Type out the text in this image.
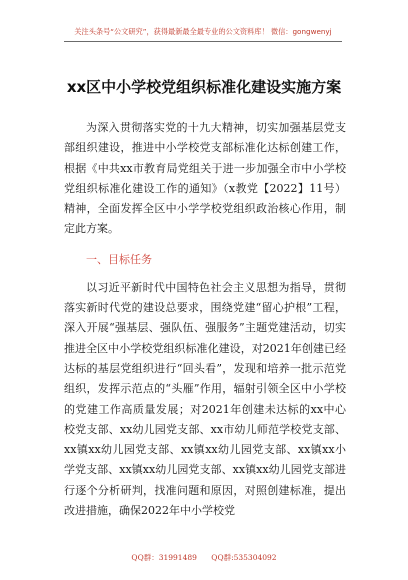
关注头条号“公文研究”，获得最新最全最专业的公文资料库！ 微信：gongwenyj
xx区中小学校党组织标准化建设实施方案

为深入贯彻落实党的十九大精神，切实加强基层党支部组织建设，推进中小学校党支部标准化达标创建工作，根据《中共xx市教育局党组关于进一步加强全市中小学校党组织标准化建设工作的通知》（x教党【2022】11号）精神，全面发挥全区中小学学校党组织政治核心作用，制定此方案。

一、目标任务

以习近平新时代中国特色社会主义思想为指导，贯彻落实新时代党的建设总要求，围绕党建“留心护根”工程，深入开展“强基层、强队伍、强服务”主题党建活动，切实推进全区中小学校党组织标准化建设，对2021年创建已经达标的基层党组织进行“回头看”，发现和培养一批示范党组织，发挥示范点的“头雁”作用，辐射引领全区中小学校的党建工作高质量发展；对2021年创建未达标的xx中心校党支部、xx幼儿园党支部、xx市幼儿师范学校党支部、xx镇xx幼儿园党支部、xx镇xx幼儿园党支部、xx镇xx小学党支部、xx镇xx幼儿园党支部、xx镇xx幼儿园党支部进行逐个分析研判，找准问题和原因，对照创建标准，提出改进措施，确保2022年中小学校党

QQ群：31991489 QQ群:535304092
